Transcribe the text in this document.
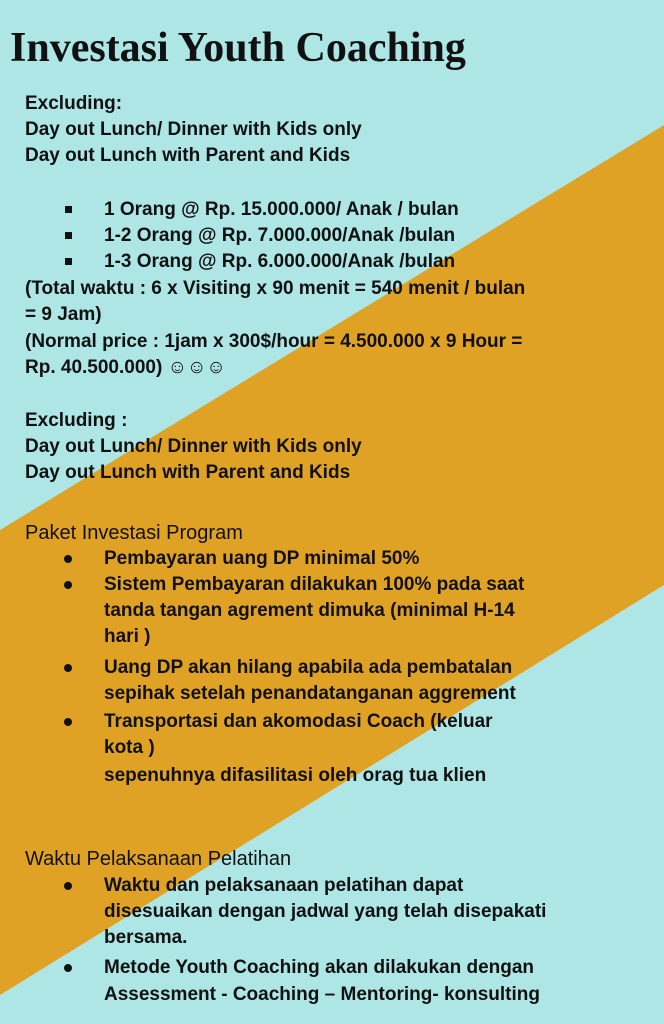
Investasi Youth Coaching
Excluding:
Day out Lunch/ Dinner with Kids only
Day out Lunch with Parent and Kids
1 Orang @ Rp. 15.000.000/ Anak / bulan
1-2 Orang @ Rp. 7.000.000/Anak /bulan
1-3 Orang @ Rp. 6.000.000/Anak /bulan
(Total waktu : 6 x Visiting x 90 menit = 540 menit / bulan
= 9 Jam)
(Normal price : 1jam x 300$/hour = 4.500.000 x 9 Hour =
Rp. 40.500.000) ☺☺☺
Excluding :
Day out Lunch/ Dinner with Kids only
Day out Lunch with Parent and Kids
Paket Investasi Program
Pembayaran uang DP minimal 50%
Sistem Pembayaran dilakukan 100% pada saat
tanda tangan agrement dimuka (minimal H-14
hari )
Uang DP akan hilang apabila ada pembatalan
sepihak setelah penandatanganan aggrement
Transportasi dan akomodasi Coach (keluar
kota )
sepenuhnya difasilitasi oleh orag tua klien
Waktu Pelaksanaan Pelatihan
Waktu dan pelaksanaan pelatihan dapat
disesuaikan dengan jadwal yang telah disepakati
bersama.
Metode Youth Coaching akan dilakukan dengan
Assessment - Coaching – Mentoring- konsulting
